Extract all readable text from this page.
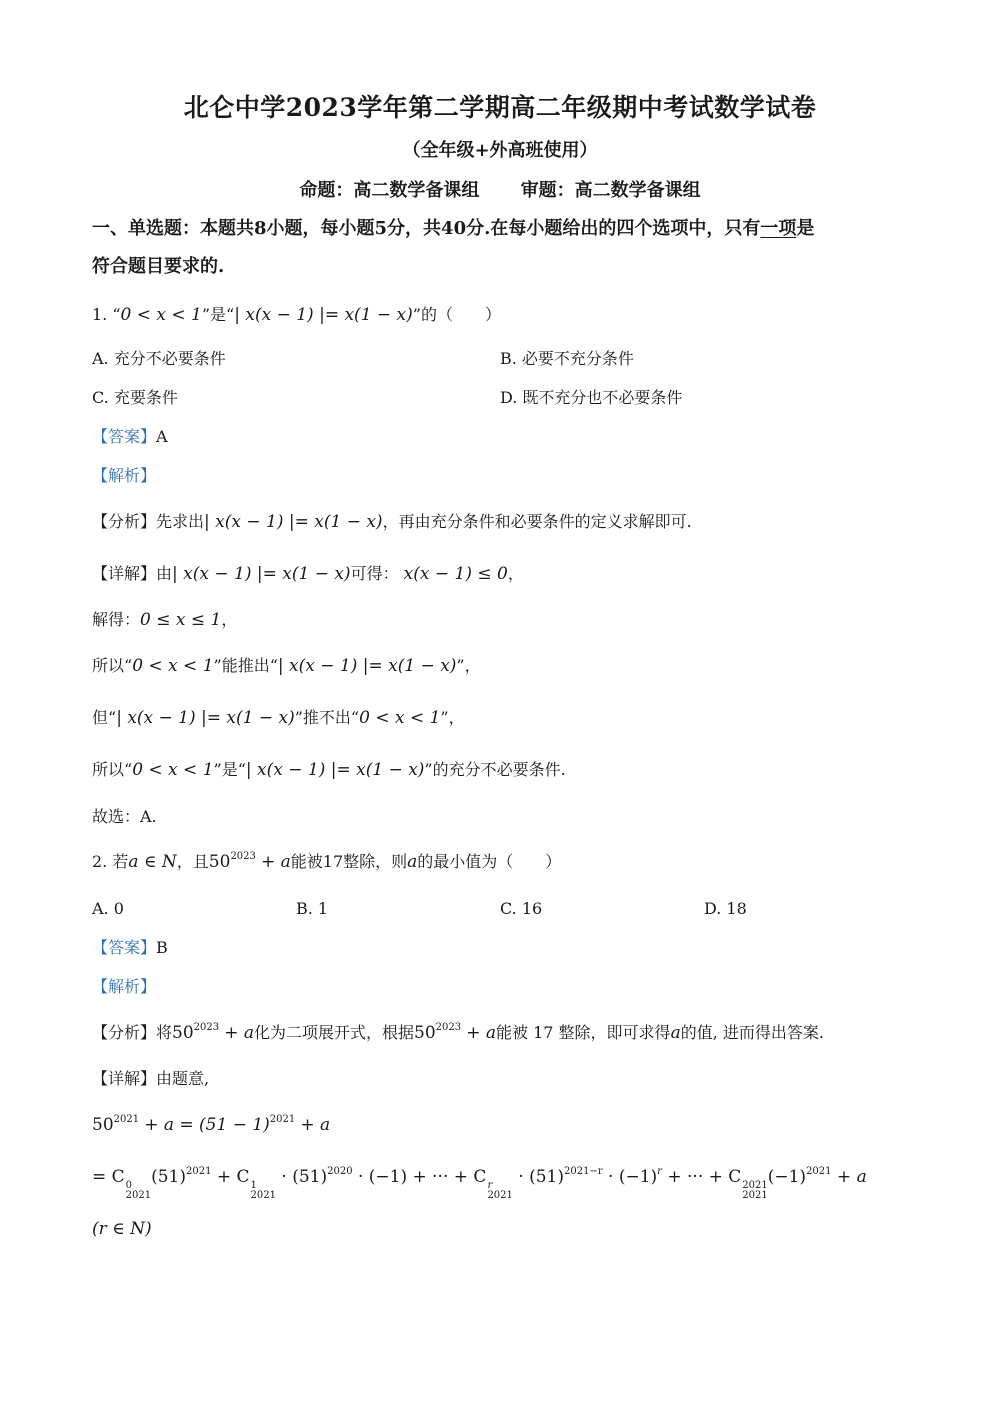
北仑中学2023学年第二学期高二年级期中考试数学试卷
（全年级+外高班使用）
命题：高二数学备课组 审题：高二数学备课组
一、单选题：本题共8小题，每小题5分，共40分.在每小题给出的四个选项中，只有一项是
符合题目要求的.
1. “0 < x < 1”是“| x(x − 1) |= x(1 − x)”的（　　）
A. 充分不必要条件	B. 必要不充分条件
C. 充要条件	D. 既不充分也不必要条件
【答案】A
【解析】
【分析】先求出| x(x − 1) |= x(1 − x)，再由充分条件和必要条件的定义求解即可.
【详解】由| x(x − 1) |= x(1 − x)可得： x(x − 1) ≤ 0，
解得：0 ≤ x ≤ 1，
所以“0 < x < 1”能推出“| x(x − 1) |= x(1 − x)”，
但“| x(x − 1) |= x(1 − x)”推不出“0 < x < 1”，
所以“0 < x < 1”是“| x(x − 1) |= x(1 − x)”的充分不必要条件.
故选：A.
2. 若a ∈ N，且$50^{2023} + a$能被17整除，则a的最小值为（　　）
A. 0	B. 1	C. 16	D. 18
【答案】B
【解析】
【分析】将$50^{2023} + a$化为二项展开式，根据$50^{2023} + a$能被 17 整除，即可求得a的值, 进而得出答案.
【详解】由题意,
$50^{2021} + a = (51 - 1)^{2021} + a$
= C 0
2021
$(51)^{2021} + C$ 1
2021
· $(51)^{2020} \cdot (-1)$ + ··· + C r
2021
· $(51)^{2021-r} \cdot (-1)^r$ + ··· + C 2021
2021
$(-1)^{2021} + a$
(r ∈ N)
